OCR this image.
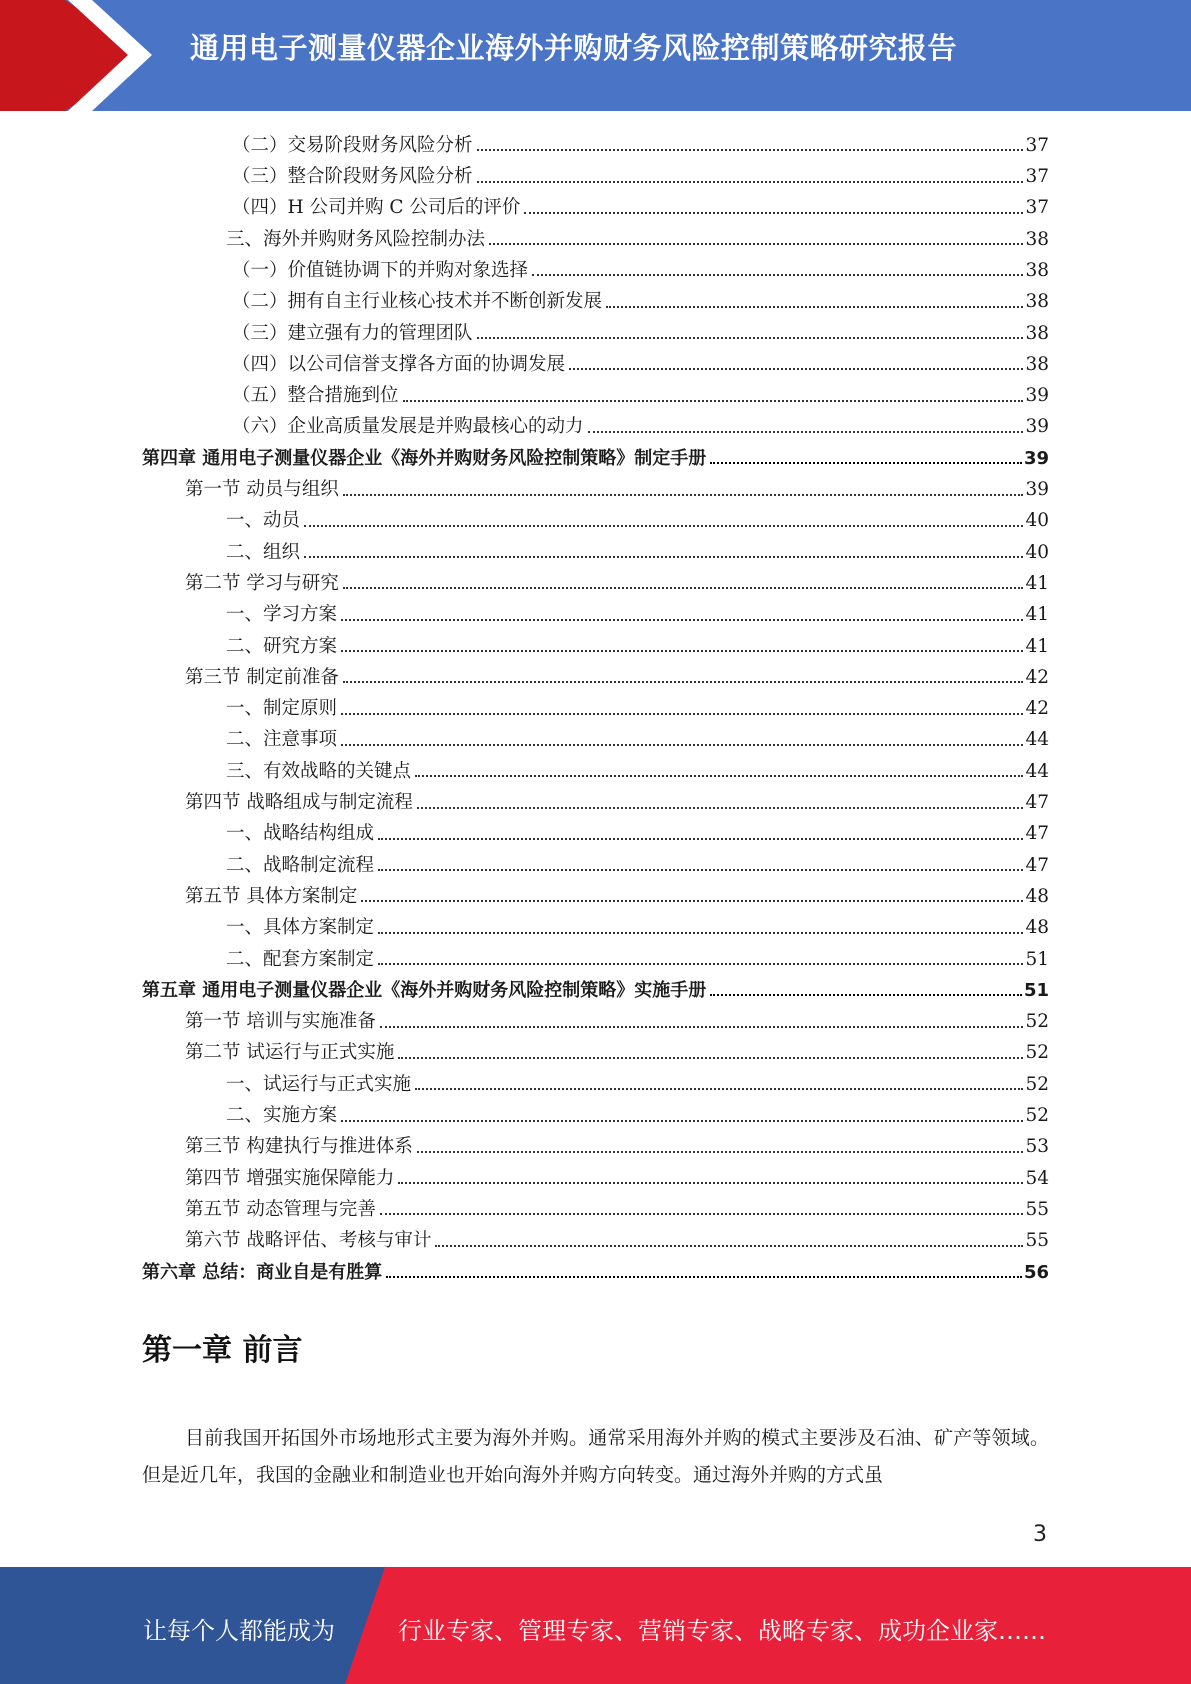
通用电子测量仪器企业海外并购财务风险控制策略研究报告
（二）交易阶段财务风险分析	37
（三）整合阶段财务风险分析	37
（四）H 公司并购 C 公司后的评价	37
三、海外并购财务风险控制办法	38
（一）价值链协调下的并购对象选择	38
（二）拥有自主行业核心技术并不断创新发展	38
（三）建立强有力的管理团队	38
（四）以公司信誉支撑各方面的协调发展	38
（五）整合措施到位	39
（六）企业高质量发展是并购最核心的动力	39
第四章 通用电子测量仪器企业《海外并购财务风险控制策略》制定手册	39
第一节 动员与组织	39
一、动员	40
二、组织	40
第二节 学习与研究	41
一、学习方案	41
二、研究方案	41
第三节 制定前准备	42
一、制定原则	42
二、注意事项	44
三、有效战略的关键点	44
第四节 战略组成与制定流程	47
一、战略结构组成	47
二、战略制定流程	47
第五节 具体方案制定	48
一、具体方案制定	48
二、配套方案制定	51
第五章 通用电子测量仪器企业《海外并购财务风险控制策略》实施手册	51
第一节 培训与实施准备	52
第二节 试运行与正式实施	52
一、试运行与正式实施	52
二、实施方案	52
第三节 构建执行与推进体系	53
第四节 增强实施保障能力	54
第五节 动态管理与完善	55
第六节 战略评估、考核与审计	55
第六章 总结：商业自是有胜算	56
第一章 前言
目前我国开拓国外市场地形式主要为海外并购。通常采用海外并购的模式主要涉及石油、矿产等领域。但是近几年，我国的金融业和制造业也开始向海外并购方向转变。通过海外并购的方式虽
3
让每个人都能成为	行业专家、管理专家、营销专家、战略专家、成功企业家……
